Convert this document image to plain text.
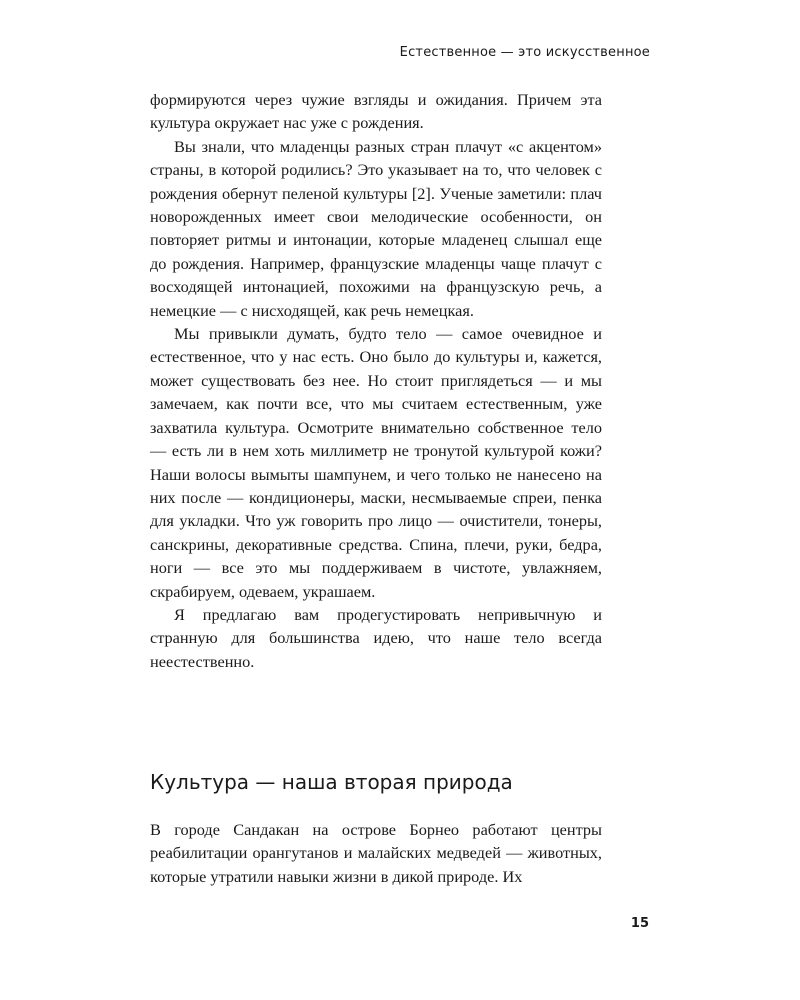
Естественное — это искусственное

формируются через чужие взгляды и ожидания. Причем эта культура окружает нас уже с рождения.

Вы знали, что младенцы разных стран плачут «с акцентом» страны, в которой родились? Это указывает на то, что человек с рождения обернут пеленой культуры [2]. Ученые заметили: плач новорожденных имеет свои мелодические особенности, он повторяет ритмы и интонации, которые младенец слышал еще до рождения. Например, французские младенцы чаще плачут с восходящей интонацией, похожими на французскую речь, а немецкие — с нисходящей, как речь немецкая.

Мы привыкли думать, будто тело — самое очевидное и естественное, что у нас есть. Оно было до культуры и, кажется, может существовать без нее. Но стоит приглядеться — и мы замечаем, как почти все, что мы считаем естественным, уже захватила культура. Осмотрите внимательно собственное тело — есть ли в нем хоть миллиметр не тронутой культурой кожи? Наши волосы вымыты шампунем, и чего только не нанесено на них после — кондиционеры, маски, несмываемые спреи, пенка для укладки. Что уж говорить про лицо — очистители, тонеры, санскрины, декоративные средства. Спина, плечи, руки, бедра, ноги — все это мы поддерживаем в чистоте, увлажняем, скрабируем, одеваем, украшаем.

Я предлагаю вам продегустировать непривычную и странную для большинства идею, что наше тело всегда неестественно.

Культура — наша вторая природа

В городе Сандакан на острове Борнео работают центры реабилитации орангутанов и малайских медведей — животных, которые утратили навыки жизни в дикой природе. Их

15
